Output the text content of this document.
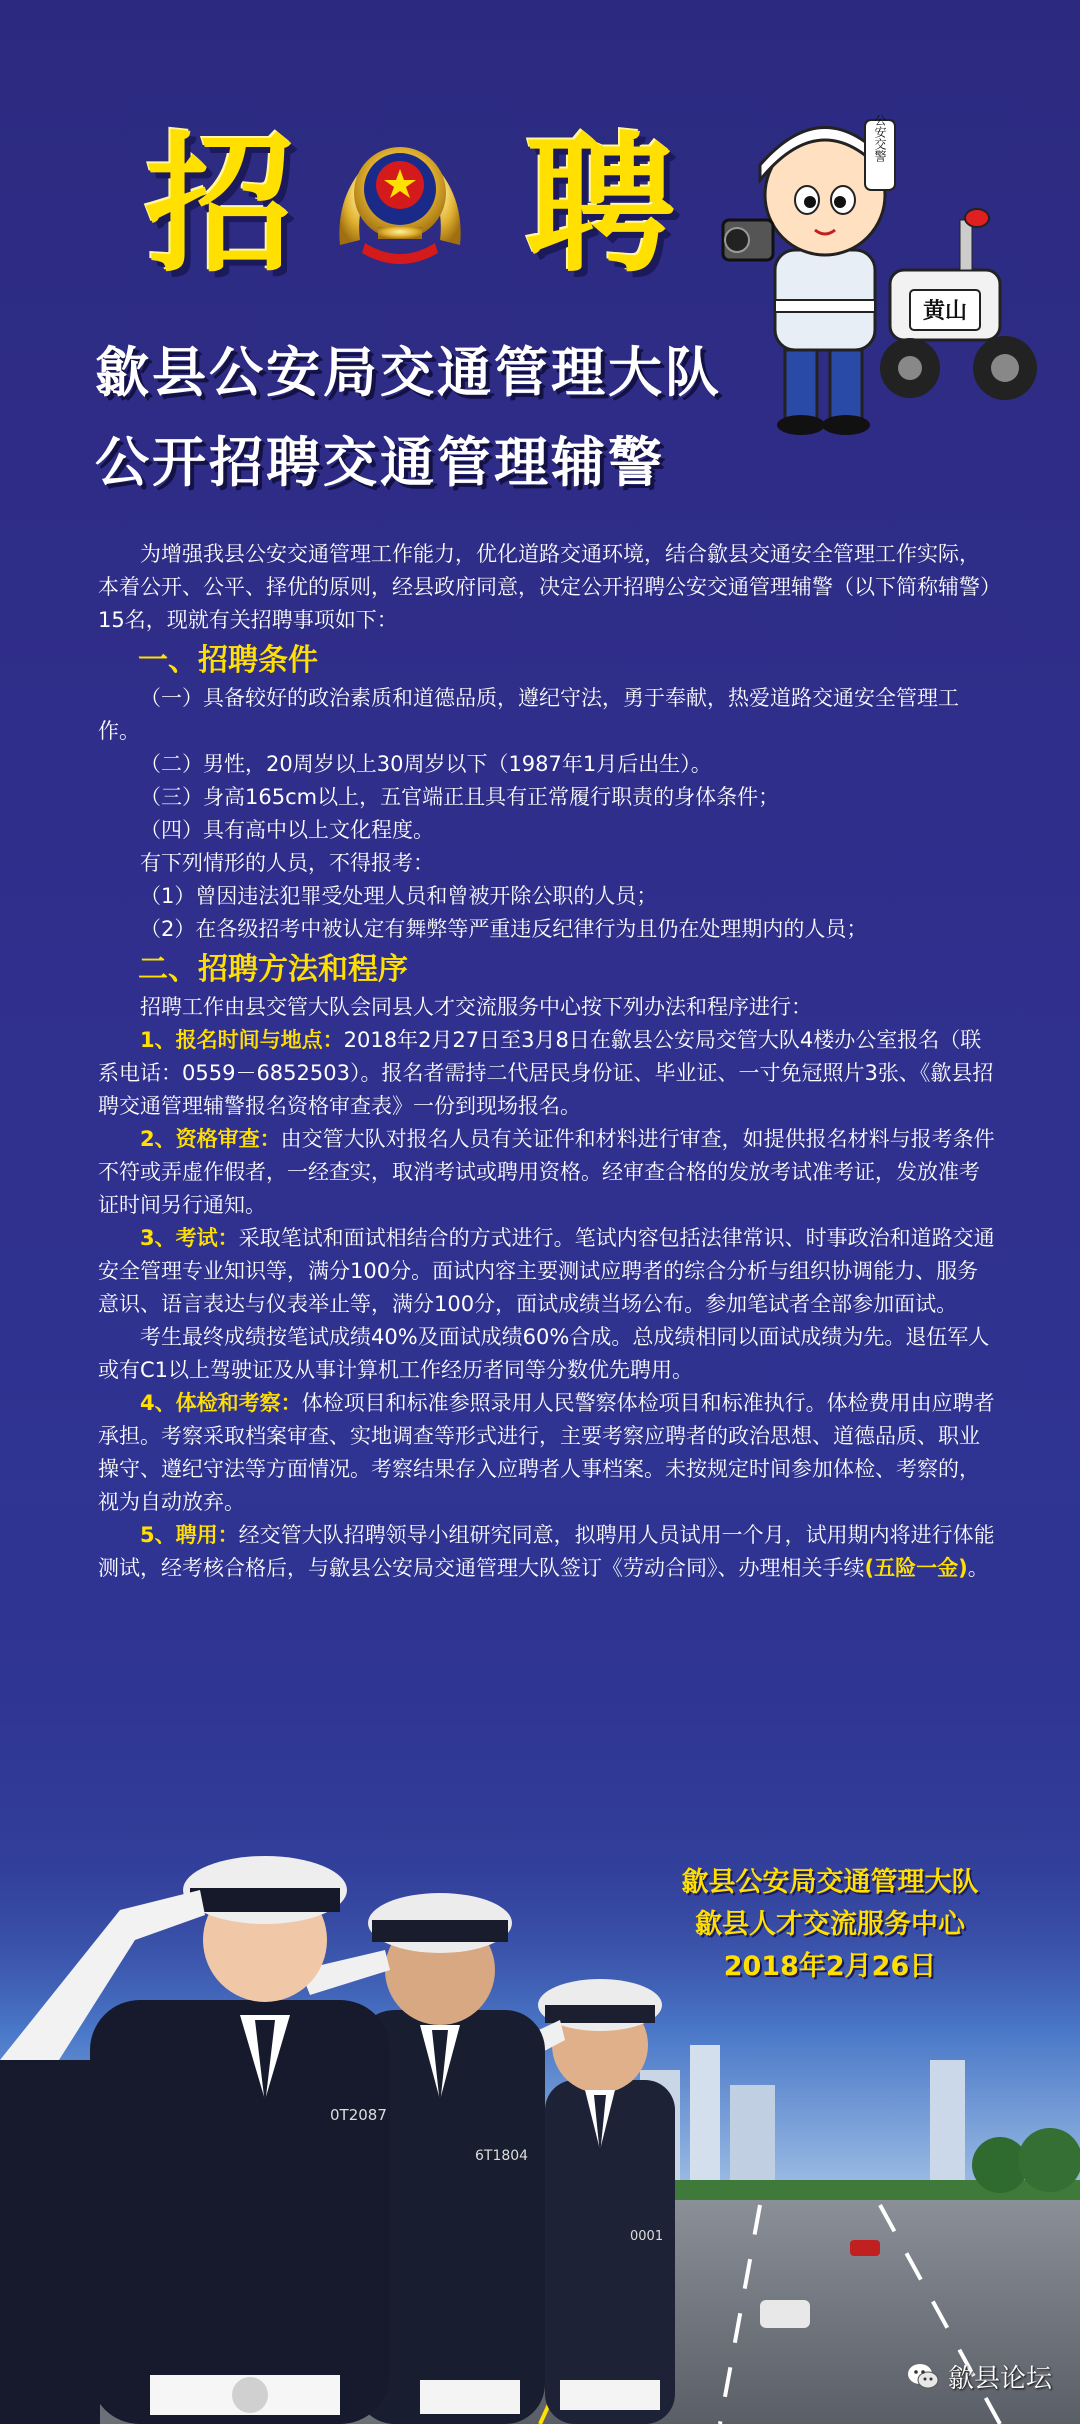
招 聘
歙县公安局交通管理大队
公开招聘交通管理辅警
黄山
公安交警

为增强我县公安交通管理工作能力，优化道路交通环境，结合歙县交通安全管理工作实际，本着公开、公平、择优的原则，经县政府同意，决定公开招聘公安交通管理辅警（以下简称辅警）15名，现就有关招聘事项如下：

一、招聘条件

（一）具备较好的政治素质和道德品质，遵纪守法，勇于奉献，热爱道路交通安全管理工作。

（二）男性，20周岁以上30周岁以下（1987年1月后出生）。

（三）身高165cm以上，五官端正且具有正常履行职责的身体条件；

（四）具有高中以上文化程度。

有下列情形的人员，不得报考：

（1）曾因违法犯罪受处理人员和曾被开除公职的人员；

（2）在各级招考中被认定有舞弊等严重违反纪律行为且仍在处理期内的人员；

二、招聘方法和程序

招聘工作由县交管大队会同县人才交流服务中心按下列办法和程序进行：

1、报名时间与地点：2018年2月27日至3月8日在歙县公安局交管大队4楼办公室报名（联系电话：0559－6852503）。报名者需持二代居民身份证、毕业证、一寸免冠照片3张、《歙县招聘交通管理辅警报名资格审查表》一份到现场报名。

2、资格审查：由交管大队对报名人员有关证件和材料进行审查，如提供报名材料与报考条件不符或弄虚作假者，一经查实，取消考试或聘用资格。经审查合格的发放考试准考证，发放准考证时间另行通知。

3、考试：采取笔试和面试相结合的方式进行。笔试内容包括法律常识、时事政治和道路交通安全管理专业知识等，满分100分。面试内容主要测试应聘者的综合分析与组织协调能力、服务意识、语言表达与仪表举止等，满分100分，面试成绩当场公布。参加笔试者全部参加面试。

考生最终成绩按笔试成绩40%及面试成绩60%合成。总成绩相同以面试成绩为先。退伍军人或有C1以上驾驶证及从事计算机工作经历者同等分数优先聘用。

4、体检和考察：体检项目和标准参照录用人民警察体检项目和标准执行。体检费用由应聘者承担。考察采取档案审查、实地调查等形式进行，主要考察应聘者的政治思想、道德品质、职业操守、遵纪守法等方面情况。考察结果存入应聘者人事档案。未按规定时间参加体检、考察的，视为自动放弃。

5、聘用：经交管大队招聘领导小组研究同意，拟聘用人员试用一个月，试用期内将进行体能测试，经考核合格后，与歙县公安局交通管理大队签订《劳动合同》、办理相关手续(五险一金)。

0001
6T1804
0T2087
歙县公安局交通管理大队
歙县人才交流服务中心
2018年2月26日
歙县论坛
